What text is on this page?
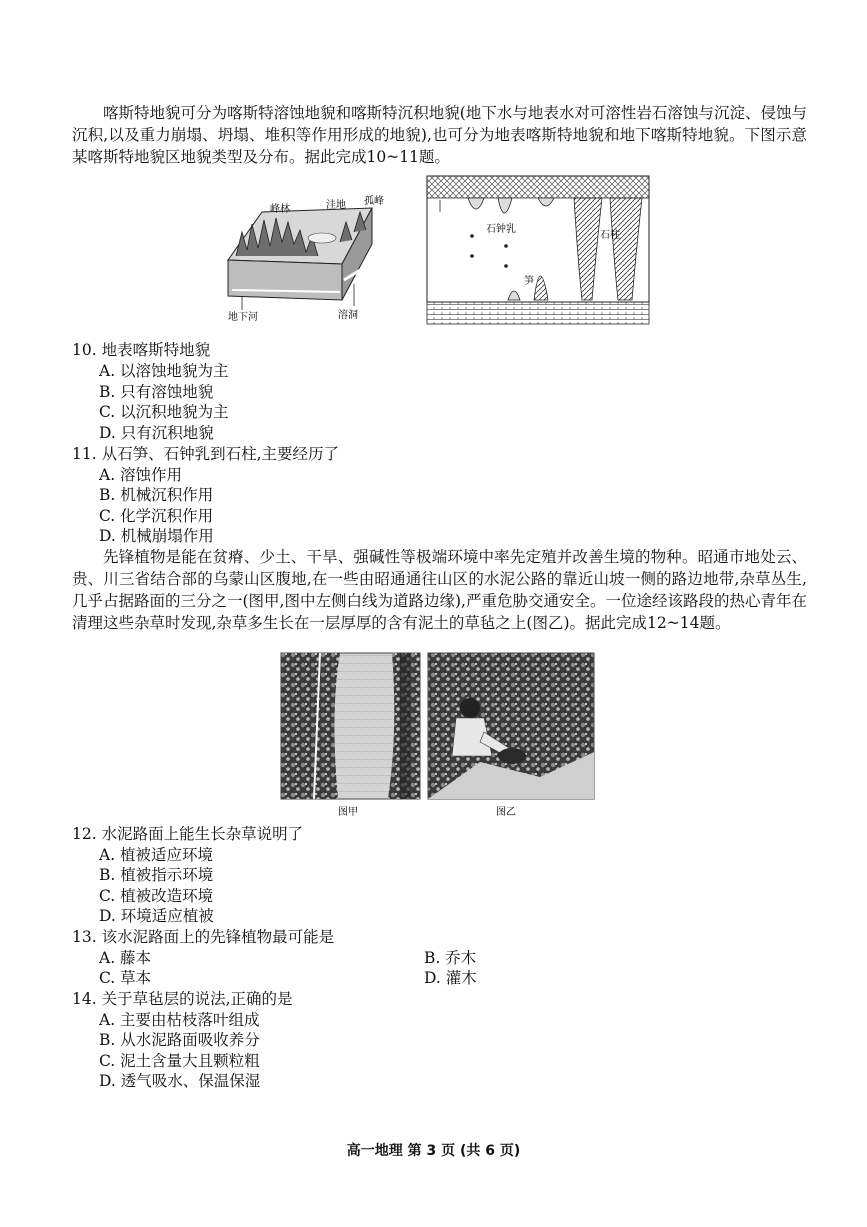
喀斯特地貌可分为喀斯特溶蚀地貌和喀斯特沉积地貌(地下水与地表水对可溶性岩石溶蚀与沉淀、侵蚀与沉积,以及重力崩塌、坍塌、堆积等作用形成的地貌),也可分为地表喀斯特地貌和地下喀斯特地貌。下图示意某喀斯特地貌区地貌类型及分布。据此完成10~11题。
峰林	洼地 孤峰
地下河	溶洞
石钟乳
石柱
笋
10. 地表喀斯特地貌
A. 以溶蚀地貌为主
B. 只有溶蚀地貌
C. 以沉积地貌为主
D. 只有沉积地貌
11. 从石笋、石钟乳到石柱,主要经历了
A. 溶蚀作用
B. 机械沉积作用
C. 化学沉积作用
D. 机械崩塌作用
先锋植物是能在贫瘠、少土、干旱、强碱性等极端环境中率先定殖并改善生境的物种。昭通市地处云、贵、川三省结合部的乌蒙山区腹地,在一些由昭通通往山区的水泥公路的靠近山坡一侧的路边地带,杂草丛生,几乎占据路面的三分之一(图甲,图中左侧白线为道路边缘),严重危胁交通安全。一位途经该路段的热心青年在清理这些杂草时发现,杂草多生长在一层厚厚的含有泥土的草毡之上(图乙)。据此完成12~14题。
图甲	图乙
12. 水泥路面上能生长杂草说明了
A. 植被适应环境
B. 植被指示环境
C. 植被改造环境
D. 环境适应植被
13. 该水泥路面上的先锋植物最可能是
A. 藤本	B. 乔木
C. 草本	D. 灌木
14. 关于草毡层的说法,正确的是
A. 主要由枯枝落叶组成
B. 从水泥路面吸收养分
C. 泥土含量大且颗粒粗
D. 透气吸水、保温保湿
高一地理 第 3 页 (共 6 页)
